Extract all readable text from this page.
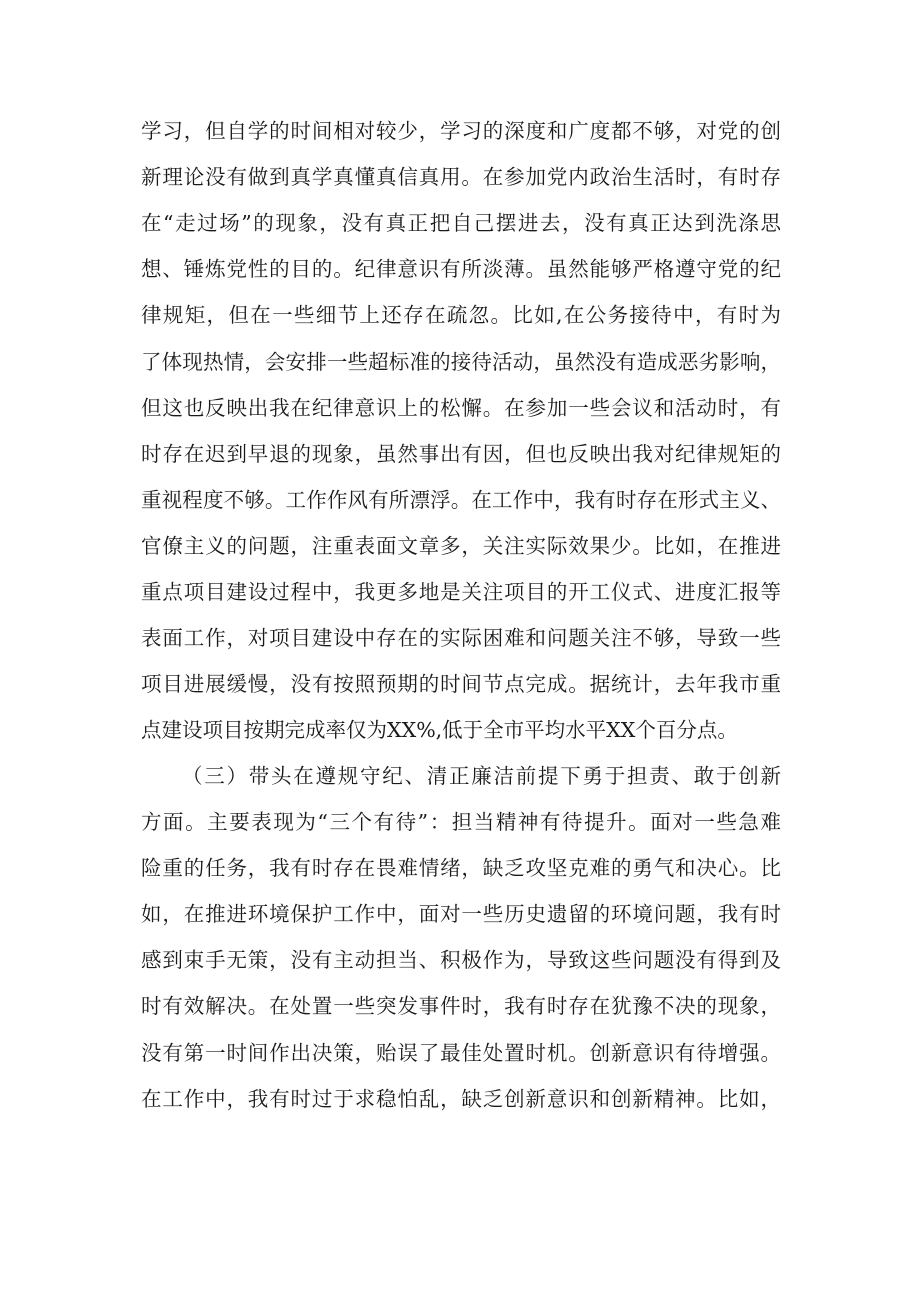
学习，但自学的时间相对较少，学习的深度和广度都不够，对党的创
新理论没有做到真学真懂真信真用。在参加党内政治生活时，有时存
在“走过场”的现象，没有真正把自己摆进去，没有真正达到洗涤思
想、锤炼党性的目的。纪律意识有所淡薄。虽然能够严格遵守党的纪
律规矩，但在一些细节上还存在疏忽。比如,在公务接待中，有时为
了体现热情，会安排一些超标准的接待活动，虽然没有造成恶劣影响，
但这也反映出我在纪律意识上的松懈。在参加一些会议和活动时，有
时存在迟到早退的现象，虽然事出有因，但也反映出我对纪律规矩的
重视程度不够。工作作风有所漂浮。在工作中，我有时存在形式主义、
官僚主义的问题，注重表面文章多，关注实际效果少。比如，在推进
重点项目建设过程中，我更多地是关注项目的开工仪式、进度汇报等
表面工作，对项目建设中存在的实际困难和问题关注不够，导致一些
项目进展缓慢，没有按照预期的时间节点完成。据统计，去年我市重
点建设项目按期完成率仅为XX%,低于全市平均水平XX个百分点。
（三）带头在遵规守纪、清正廉洁前提下勇于担责、敢于创新
方面。主要表现为“三个有待”：担当精神有待提升。面对一些急难
险重的任务，我有时存在畏难情绪，缺乏攻坚克难的勇气和决心。比
如，在推进环境保护工作中，面对一些历史遗留的环境问题，我有时
感到束手无策，没有主动担当、积极作为，导致这些问题没有得到及
时有效解决。在处置一些突发事件时，我有时存在犹豫不决的现象，
没有第一时间作出决策，贻误了最佳处置时机。创新意识有待增强。
在工作中，我有时过于求稳怕乱，缺乏创新意识和创新精神。比如，
